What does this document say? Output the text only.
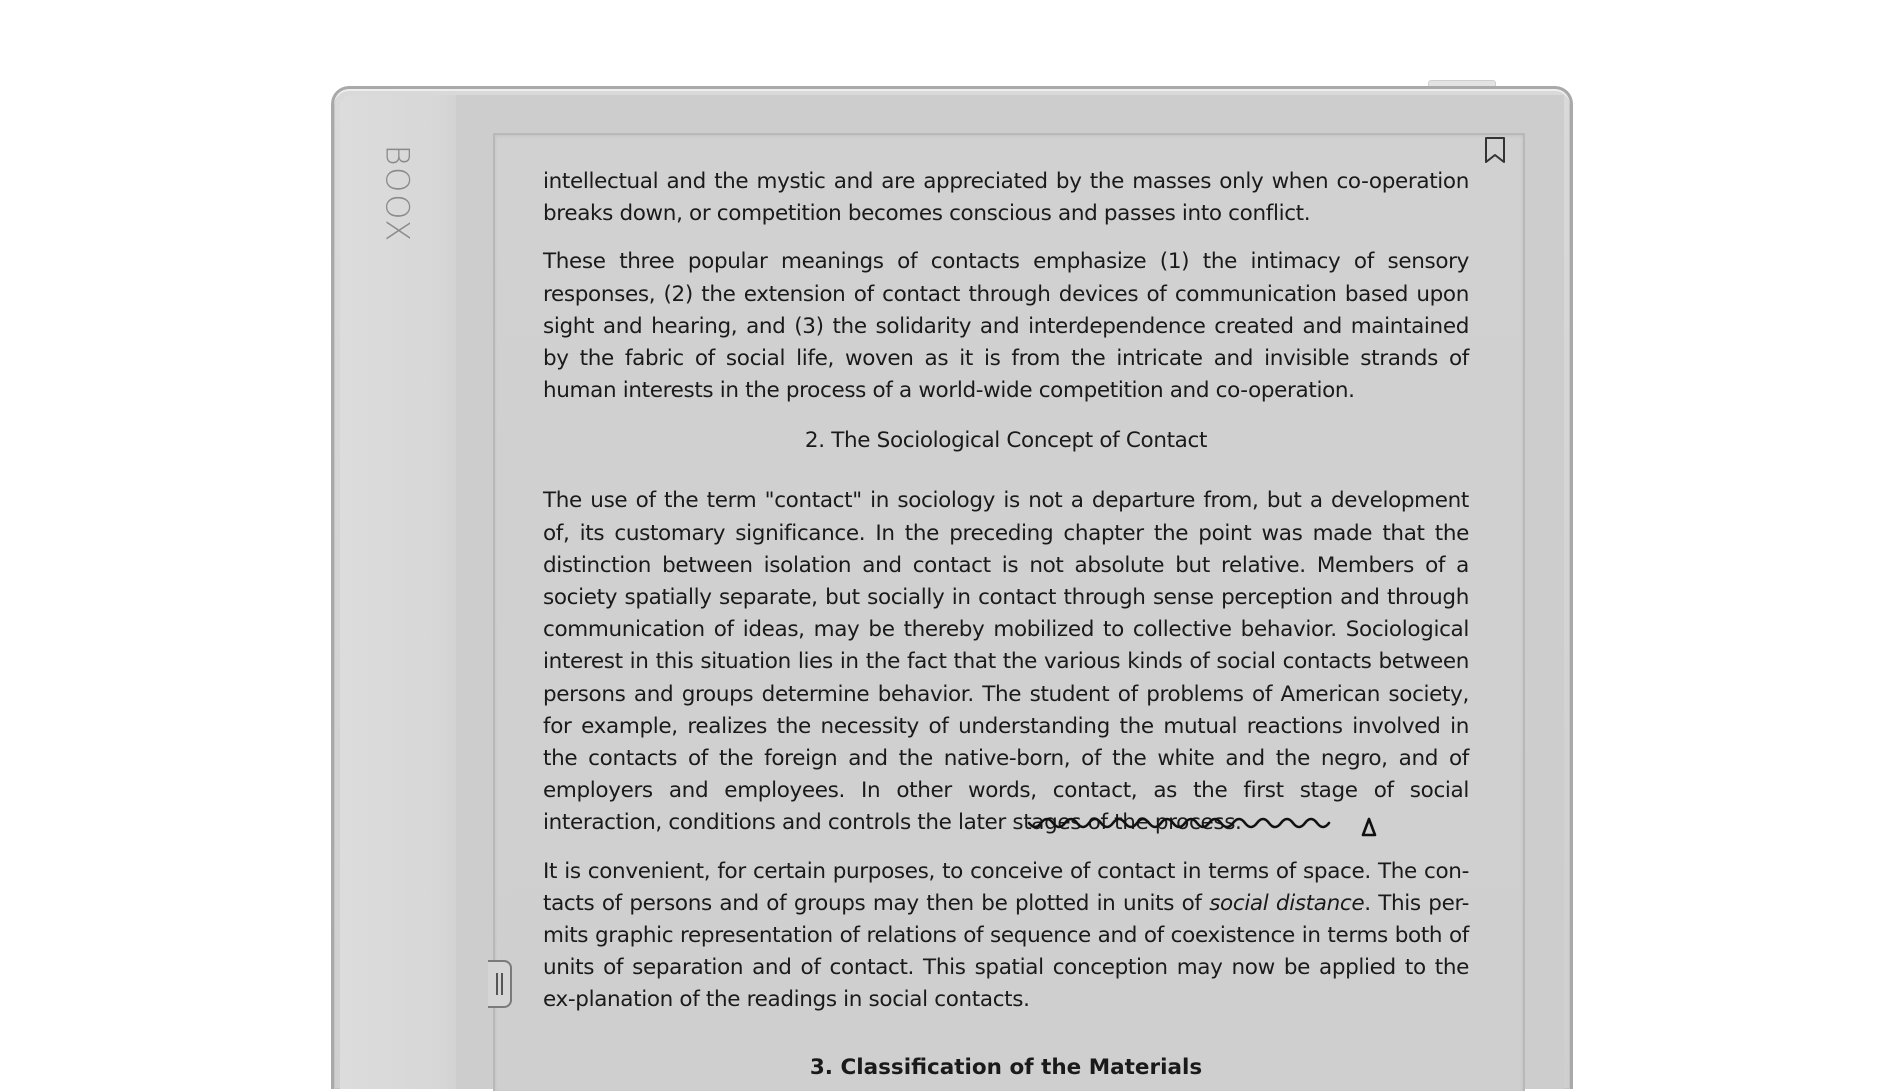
BOOX	intellectual and the mystic and are appreciated by the masses only when co-operation breaks down, or competition becomes conscious and passes into conflict.

These three popular meanings of contacts emphasize (1) the intimacy of sensory responses, (2) the extension of contact through devices of communication based upon sight and hearing, and (3) the solidarity and interdependence created and maintained by the fabric of social life, woven as it is from the intricate and invisible strands of human interests in the process of a world-wide competition and co-operation.

2. The Sociological Concept of Contact

The use of the term "contact" in sociology is not a departure from, but a development of, its customary significance. In the preceding chapter the point was made that the distinction between isolation and contact is not absolute but relative. Members of a society spatially separate, but socially in contact through sense perception and through communication of ideas, may be thereby mobilized to collective behavior. Sociological interest in this situation lies in the fact that the various kinds of social contacts between persons and groups determine behavior. The student of problems of American society, for example, realizes the necessity of understanding the mutual reactions involved in the contacts of the foreign and the native-born, of the white and the negro, and of employers and employees. In other words, contact, as the first stage of social interaction, conditions and controls the later stages of the process.

It is convenient, for certain purposes, to conceive of contact in terms of space. The con-tacts of persons and of groups may then be plotted in units of social distance. This per-mits graphic representation of relations of sequence and of coexistence in terms both of units of separation and of contact. This spatial conception may now be applied to the ex-planation of the readings in social contacts.

3. Classification of the Materials
